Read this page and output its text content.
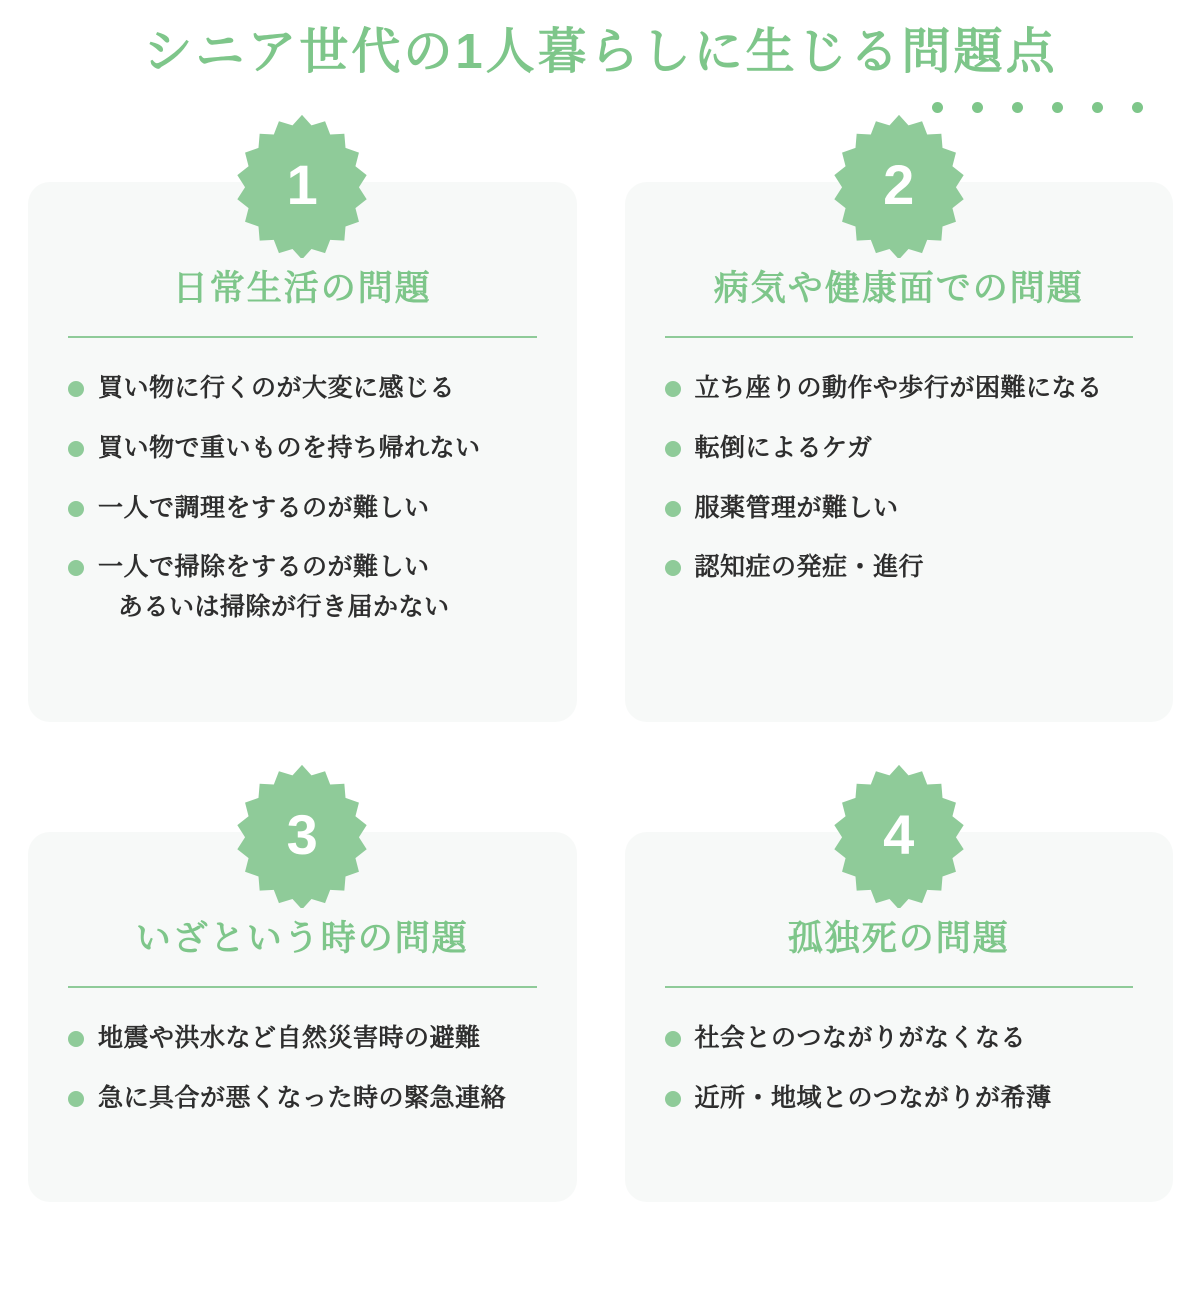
シニア世代の1人暮らしに生じる問題点
日常生活の問題
買い物に行くのが大変に感じる
買い物で重いものを持ち帰れない
一人で調理をするのが難しい
一人で掃除をするのが難しい
あるいは掃除が行き届かない
1
病気や健康面での問題
立ち座りの動作や歩行が困難になる
転倒によるケガ
服薬管理が難しい
認知症の発症・進行
2
いざという時の問題
地震や洪水など自然災害時の避難
急に具合が悪くなった時の緊急連絡
3
孤独死の問題
社会とのつながりがなくなる
近所・地域とのつながりが希薄
4
